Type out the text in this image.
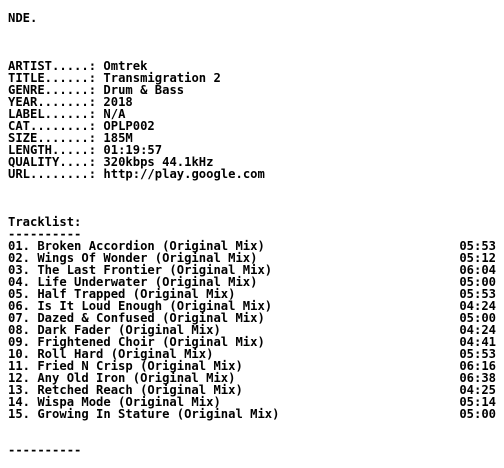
NDE.
ARTIST.....: Omtrek
TITLE......: Transmigration 2
GENRE......: Drum & Bass
YEAR.......: 2018
LABEL......: N/A
CAT........: OPLP002
SIZE.......: 185M
LENGTH.....: 01:19:57
QUALITY....: 320kbps 44.1kHz
URL........: http://play.google.com
Tracklist:
----------
01. Broken Accordion (Original Mix)	05:53
02. Wings Of Wonder (Original Mix)	05:12
03. The Last Frontier (Original Mix)	06:04
04. Life Underwater (Original Mix)	05:00
05. Half Trapped (Original Mix)	05:53
06. Is It Loud Enough (Original Mix)	04:24
07. Dazed & Confused (Original Mix)	05:00
08. Dark Fader (Original Mix)	04:24
09. Frightened Choir (Original Mix)	04:41
10. Roll Hard (Original Mix)	05:53
11. Fried N Crisp (Original Mix)	06:16
12. Any Old Iron (Original Mix)	06:38
13. Retched Reach (Original Mix)	04:25
14. Wispa Mode (Original Mix)	05:14
15. Growing In Stature (Original Mix)	05:00
----------
